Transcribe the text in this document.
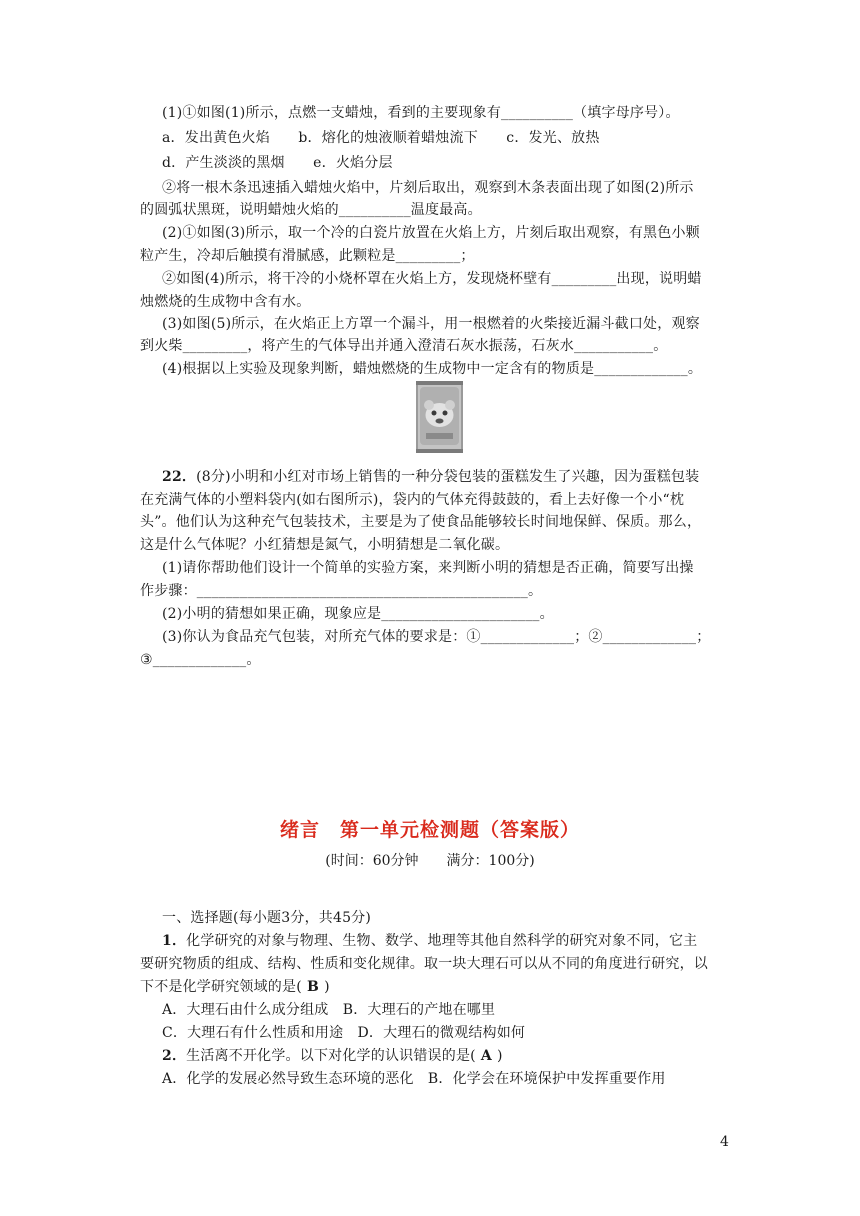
(1)①如图(1)所示，点燃一支蜡烛，看到的主要现象有__________（填字母序号）。
a．发出黄色火焰　　b．熔化的烛液顺着蜡烛流下　　c．发光、放热
d．产生淡淡的黑烟　　e．火焰分层
②将一根木条迅速插入蜡烛火焰中，片刻后取出，观察到木条表面出现了如图(2)所示
的圆弧状黑斑，说明蜡烛火焰的__________温度最高。
(2)①如图(3)所示，取一个冷的白瓷片放置在火焰上方，片刻后取出观察，有黑色小颗
粒产生，冷却后触摸有滑腻感，此颗粒是_________；
②如图(4)所示，将干冷的小烧杯罩在火焰上方，发现烧杯壁有_________出现，说明蜡
烛燃烧的生成物中含有水。
(3)如图(5)所示，在火焰正上方罩一个漏斗，用一根燃着的火柴接近漏斗截口处，观察
到火柴_________，将产生的气体导出并通入澄清石灰水振荡，石灰水___________。
(4)根据以上实验及现象判断，蜡烛燃烧的生成物中一定含有的物质是_____________。
22．(8分)小明和小红对市场上销售的一种分袋包装的蛋糕发生了兴趣，因为蛋糕包装
在充满气体的小塑料袋内(如右图所示)，袋内的气体充得鼓鼓的，看上去好像一个小“枕
头”。他们认为这种充气包装技术，主要是为了使食品能够较长时间地保鲜、保质。那么，
这是什么气体呢？小红猜想是氮气，小明猜想是二氧化碳。
(1)请你帮助他们设计一个简单的实验方案，来判断小明的猜想是否正确，简要写出操
作步骤：______________________________________________。
(2)小明的猜想如果正确，现象应是______________________。
(3)你认为食品充气包装，对所充气体的要求是：①_____________；②_____________；
③_____________。
绪言　第一单元检测题（答案版）
(时间：60分钟　　满分：100分)
一、选择题(每小题3分，共45分)
1．化学研究的对象与物理、生物、数学、地理等其他自然科学的研究对象不同，它主
要研究物质的组成、结构、性质和变化规律。取一块大理石可以从不同的角度进行研究，以
下不是化学研究领域的是( B )
A．大理石由什么成分组成　B．大理石的产地在哪里
C．大理石有什么性质和用途　D．大理石的微观结构如何
2．生活离不开化学。以下对化学的认识错误的是( A )
A．化学的发展必然导致生态环境的恶化　B．化学会在环境保护中发挥重要作用
4
